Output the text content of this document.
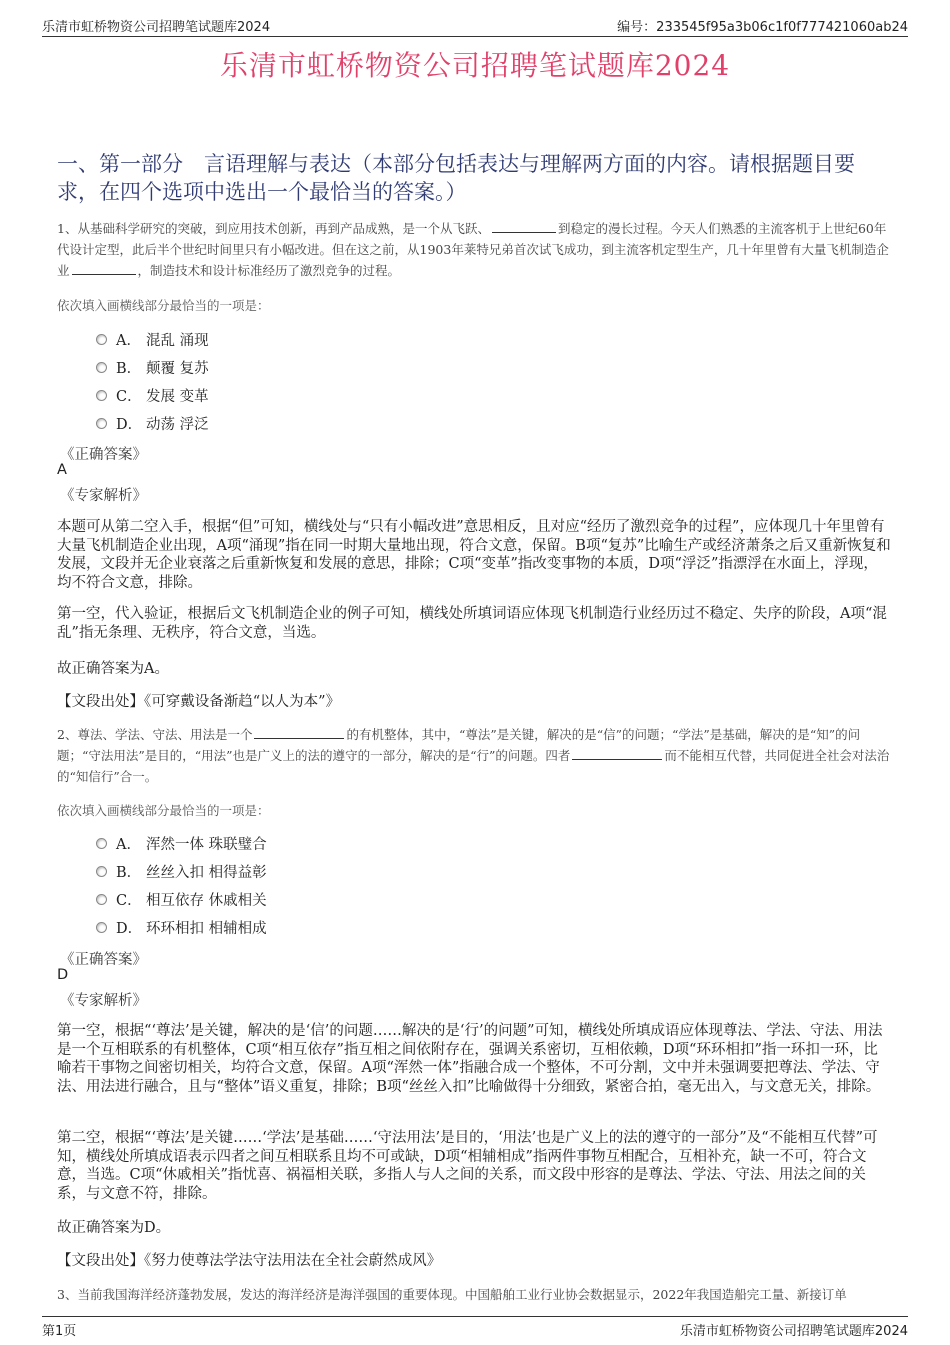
乐清市虹桥物资公司招聘笔试题库2024	编号：233545f95a3b06c1f0f777421060ab24
乐清市虹桥物资公司招聘笔试题库2024
一、第一部分　言语理解与表达（本部分包括表达与理解两方面的内容。请根据题目要求，在四个选项中选出一个最恰当的答案。）
1、从基础科学研究的突破，到应用技术创新，再到产品成熟，是一个从飞跃、	到稳定的漫长过程。今天人们熟悉的主流客机于上世纪60年代设计定型，此后半个世纪时间里只有小幅改进。但在这之前，从1903年莱特兄弟首次试飞成功，到主流客机定型生产，几十年里曾有大量飞机制造企业	，制造技术和设计标准经历了激烈竞争的过程。
依次填入画横线部分最恰当的一项是：
A． 混乱 涌现
B． 颠覆 复苏
C． 发展 变革
D． 动荡 浮泛
《正确答案》
A
《专家解析》
本题可从第二空入手，根据“但”可知，横线处与“只有小幅改进”意思相反，且对应“经历了激烈竞争的过程”，应体现几十年里曾有大量飞机制造企业出现，A项“涌现”指在同一时期大量地出现，符合文意，保留。B项“复苏”比喻生产或经济萧条之后又重新恢复和发展，文段并无企业衰落之后重新恢复和发展的意思，排除；C项“变革”指改变事物的本质，D项“浮泛”指漂浮在水面上，浮现，均不符合文意，排除。
第一空，代入验证，根据后文飞机制造企业的例子可知，横线处所填词语应体现飞机制造行业经历过不稳定、失序的阶段，A项“混乱”指无条理、无秩序，符合文意，当选。
故正确答案为A。
【文段出处】《可穿戴设备渐趋“以人为本”》
2、尊法、学法、守法、用法是一个	的有机整体，其中，“尊法”是关键，解决的是“信”的问题；“学法”是基础，解决的是“知”的问题；“守法用法”是目的，“用法”也是广义上的法的遵守的一部分，解决的是“行”的问题。四者	而不能相互代替，共同促进全社会对法治的“知信行”合一。
依次填入画横线部分最恰当的一项是：
A． 浑然一体 珠联璧合
B． 丝丝入扣 相得益彰
C． 相互依存 休戚相关
D． 环环相扣 相辅相成
《正确答案》
D
《专家解析》
第一空，根据“‘尊法’是关键，解决的是‘信’的问题……解决的是‘行’的问题”可知，横线处所填成语应体现尊法、学法、守法、用法是一个互相联系的有机整体，C项“相互依存”指互相之间依附存在，强调关系密切，互相依赖，D项“环环相扣”指一环扣一环，比喻若干事物之间密切相关，均符合文意，保留。A项“浑然一体”指融合成一个整体，不可分割，文中并未强调要把尊法、学法、守法、用法进行融合，且与“整体”语义重复，排除；B项“丝丝入扣”比喻做得十分细致，紧密合拍，毫无出入，与文意无关，排除。
第二空，根据“‘尊法’是关键……‘学法’是基础……‘守法用法’是目的，‘用法’也是广义上的法的遵守的一部分”及“不能相互代替”可知，横线处所填成语表示四者之间互相联系且均不可或缺，D项“相辅相成”指两件事物互相配合，互相补充，缺一不可，符合文意，当选。C项“休戚相关”指忧喜、祸福相关联，多指人与人之间的关系，而文段中形容的是尊法、学法、守法、用法之间的关系，与文意不符，排除。
故正确答案为D。
【文段出处】《努力使尊法学法守法用法在全社会蔚然成风》
3、当前我国海洋经济蓬勃发展，发达的海洋经济是海洋强国的重要体现。中国船舶工业行业协会数据显示，2022年我国造船完工量、新接订单
第1页	乐清市虹桥物资公司招聘笔试题库2024
